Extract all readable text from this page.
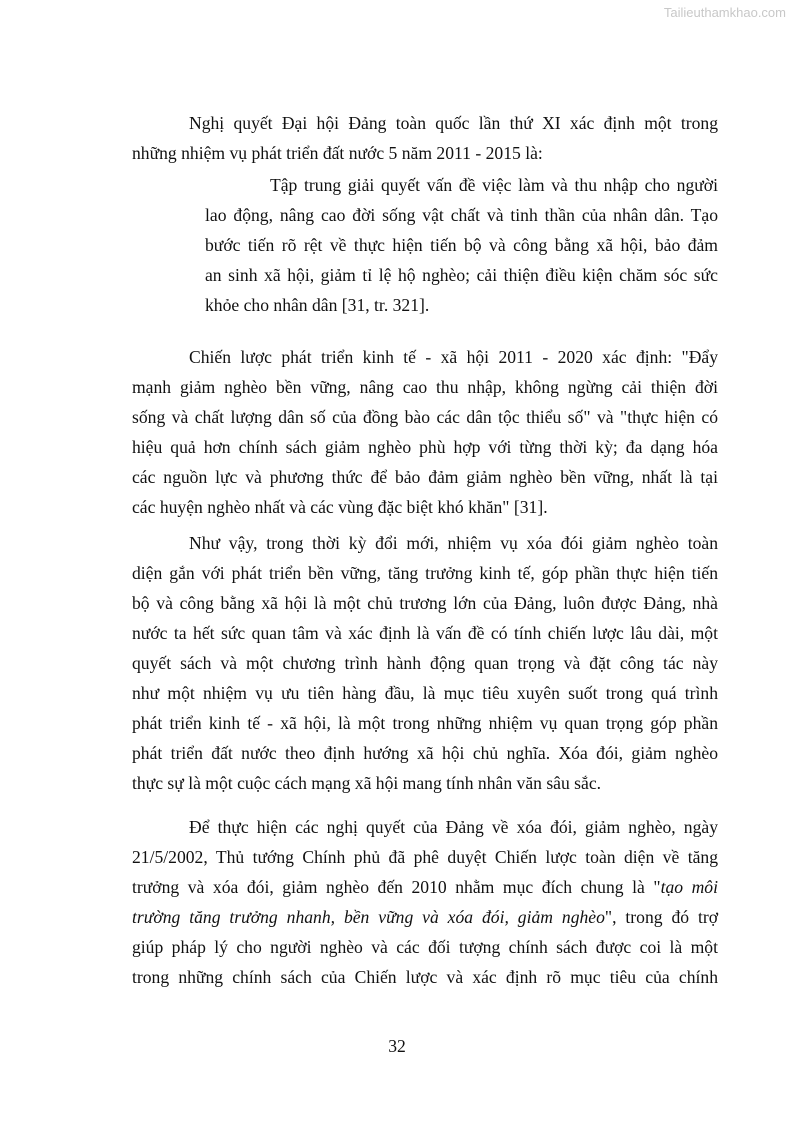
Tailieuthamkhao.com
Nghị quyết Đại hội Đảng toàn quốc lần thứ XI xác định một trong
những nhiệm vụ phát triển đất nước 5 năm 2011 - 2015 là:
Tập trung giải quyết vấn đề việc làm và thu nhập cho người
lao động, nâng cao đời sống vật chất và tinh thần của nhân dân. Tạo
bước tiến rõ rệt về thực hiện tiến bộ và công bằng xã hội, bảo đảm
an sinh xã hội, giảm tỉ lệ hộ nghèo; cải thiện điều kiện chăm sóc sức
khỏe cho nhân dân [31, tr. 321].
Chiến lược phát triển kinh tế - xã hội 2011 - 2020 xác định: "Đẩy
mạnh giảm nghèo bền vững, nâng cao thu nhập, không ngừng cải thiện đời
sống và chất lượng dân số của đồng bào các dân tộc thiểu số" và "thực hiện có
hiệu quả hơn chính sách giảm nghèo phù hợp với từng thời kỳ; đa dạng hóa
các nguồn lực và phương thức để bảo đảm giảm nghèo bền vững, nhất là tại
các huyện nghèo nhất và các vùng đặc biệt khó khăn" [31].
Như vậy, trong thời kỳ đổi mới, nhiệm vụ xóa đói giảm nghèo toàn
diện gắn với phát triển bền vững, tăng trưởng kinh tế, góp phần thực hiện tiến
bộ và công bằng xã hội là một chủ trương lớn của Đảng, luôn được Đảng, nhà
nước ta hết sức quan tâm và xác định là vấn đề có tính chiến lược lâu dài, một
quyết sách và một chương trình hành động quan trọng và đặt công tác này
như một nhiệm vụ ưu tiên hàng đầu, là mục tiêu xuyên suốt trong quá trình
phát triển kinh tế - xã hội, là một trong những nhiệm vụ quan trọng góp phần
phát triển đất nước theo định hướng xã hội chủ nghĩa. Xóa đói, giảm nghèo
thực sự là một cuộc cách mạng xã hội mang tính nhân văn sâu sắc.
Để thực hiện các nghị quyết của Đảng về xóa đói, giảm nghèo, ngày
21/5/2002, Thủ tướng Chính phủ đã phê duyệt Chiến lược toàn diện về tăng
trưởng và xóa đói, giảm nghèo đến 2010 nhằm mục đích chung là "tạo môi
trường tăng trưởng nhanh, bền vững và xóa đói, giảm nghèo", trong đó trợ
giúp pháp lý cho người nghèo và các đối tượng chính sách được coi là một
trong những chính sách của Chiến lược và xác định rõ mục tiêu của chính
32
